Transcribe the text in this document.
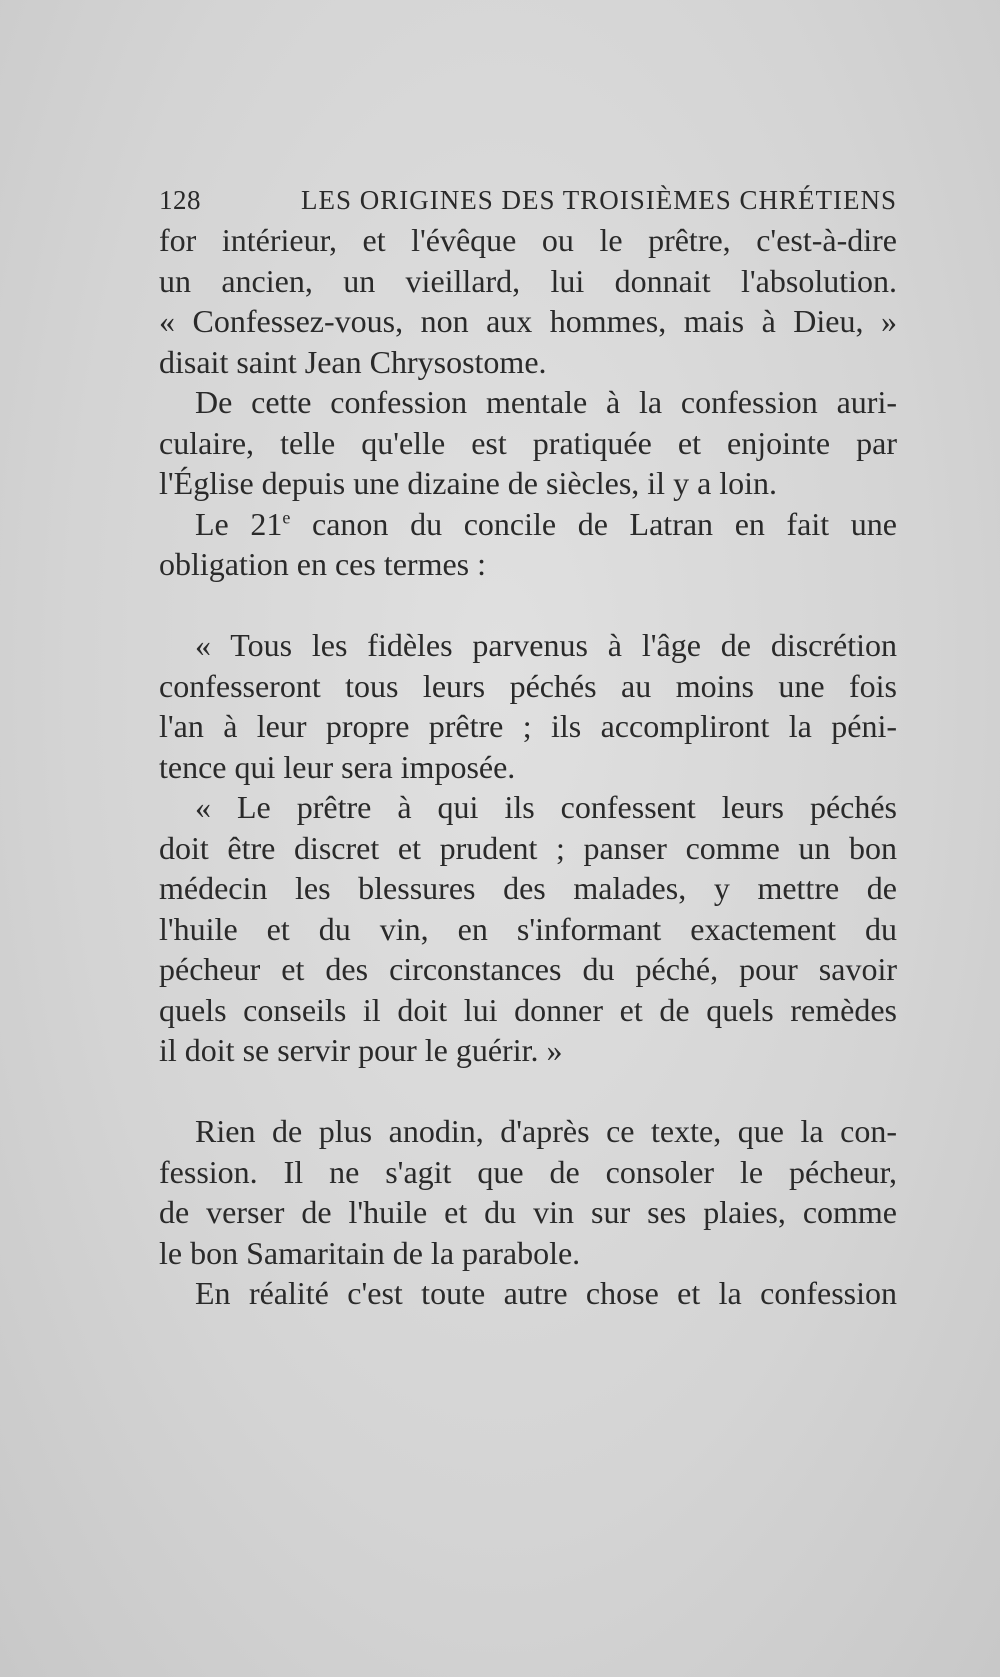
128	LES ORIGINES DES TROISIÈMES CHRÉTIENS
for intérieur, et l'évêque ou le prêtre, c'est-à-dire
un ancien, un vieillard, lui donnait l'absolution.
« Confessez-vous, non aux hommes, mais à Dieu, »
disait saint Jean Chrysostome.
De cette confession mentale à la confession auri-
culaire, telle qu'elle est pratiquée et enjointe par
l'Église depuis une dizaine de siècles, il y a loin.
Le 21e canon du concile de Latran en fait une
obligation en ces termes :
« Tous les fidèles parvenus à l'âge de discrétion
confesseront tous leurs péchés au moins une fois
l'an à leur propre prêtre ; ils accompliront la péni-
tence qui leur sera imposée.
« Le prêtre à qui ils confessent leurs péchés
doit être discret et prudent ; panser comme un bon
médecin les blessures des malades, y mettre de
l'huile et du vin, en s'informant exactement du
pécheur et des circonstances du péché, pour savoir
quels conseils il doit lui donner et de quels remèdes
il doit se servir pour le guérir. »
Rien de plus anodin, d'après ce texte, que la con-
fession. Il ne s'agit que de consoler le pécheur,
de verser de l'huile et du vin sur ses plaies, comme
le bon Samaritain de la parabole.
En réalité c'est toute autre chose et la confession
